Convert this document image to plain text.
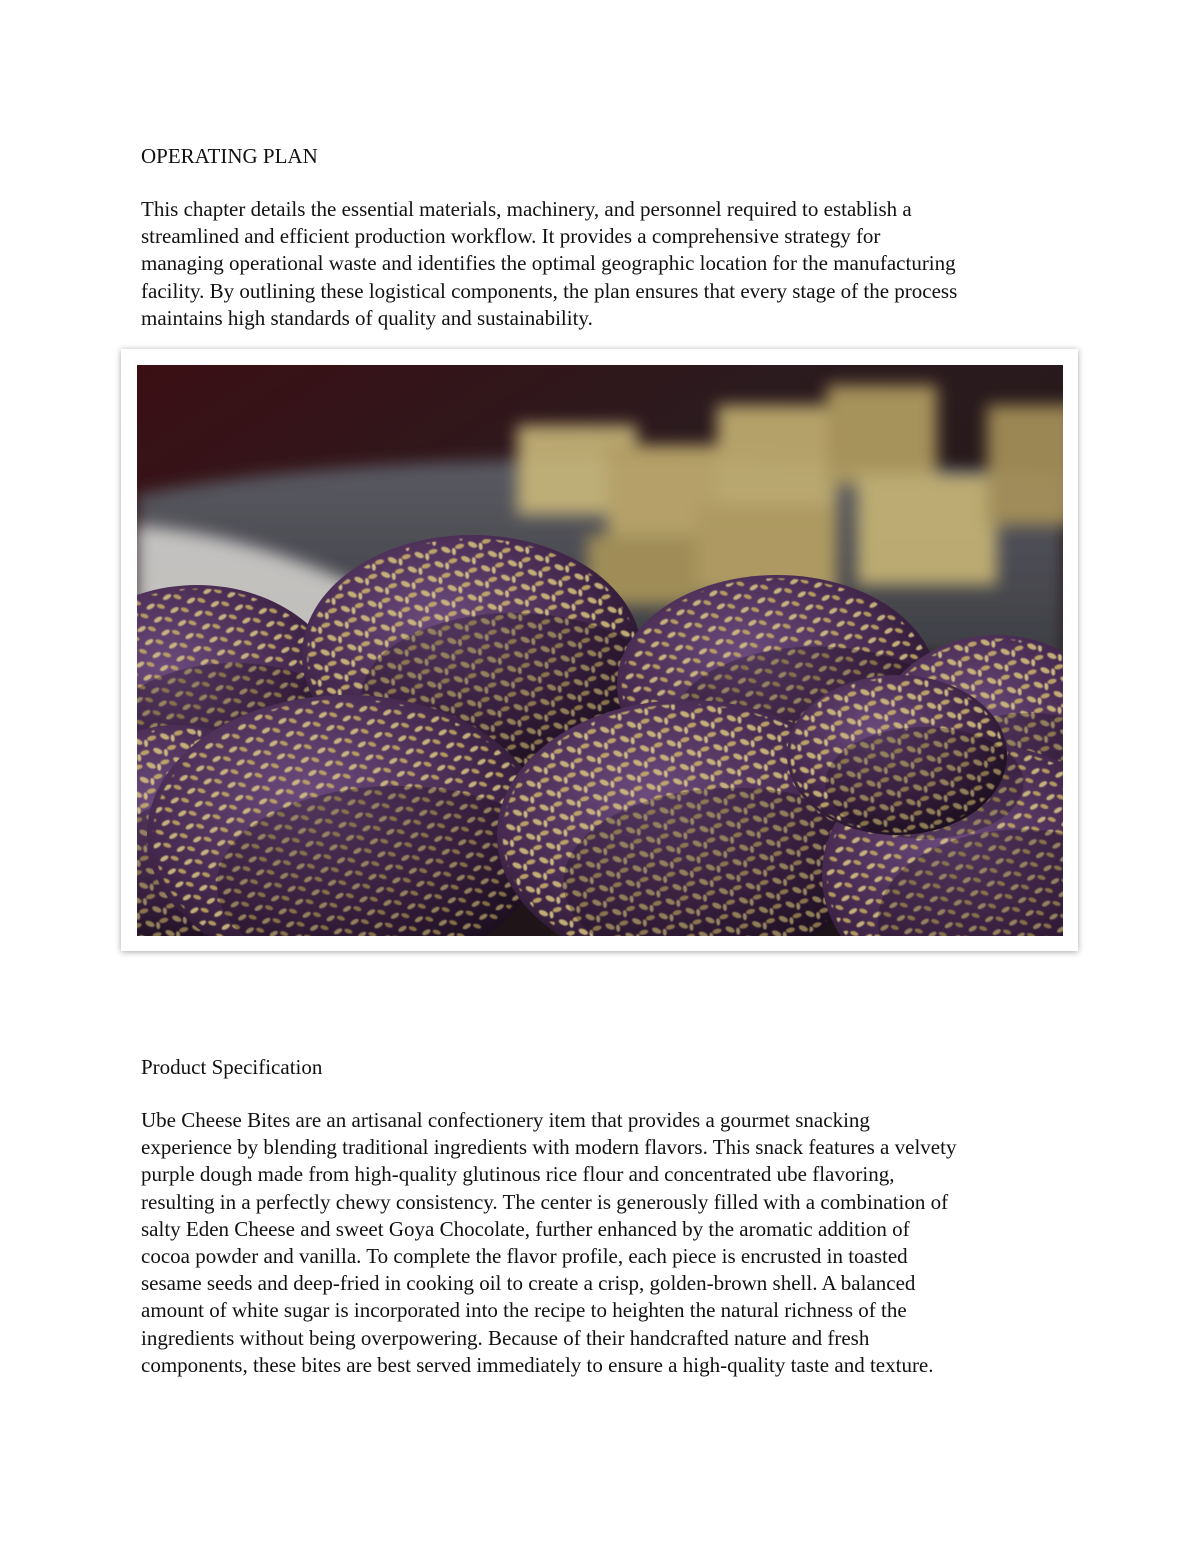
OPERATING PLAN

This chapter details the essential materials, machinery, and personnel required to establish a
streamlined and efficient production workflow. It provides a comprehensive strategy for
managing operational waste and identifies the optimal geographic location for the manufacturing
facility. By outlining these logistical components, the plan ensures that every stage of the process
maintains high standards of quality and sustainability.

Product Specification

Ube Cheese Bites are an artisanal confectionery item that provides a gourmet snacking
experience by blending traditional ingredients with modern flavors. This snack features a velvety
purple dough made from high-quality glutinous rice flour and concentrated ube flavoring,
resulting in a perfectly chewy consistency. The center is generously filled with a combination of
salty Eden Cheese and sweet Goya Chocolate, further enhanced by the aromatic addition of
cocoa powder and vanilla. To complete the flavor profile, each piece is encrusted in toasted
sesame seeds and deep-fried in cooking oil to create a crisp, golden-brown shell. A balanced
amount of white sugar is incorporated into the recipe to heighten the natural richness of the
ingredients without being overpowering. Because of their handcrafted nature and fresh
components, these bites are best served immediately to ensure a high-quality taste and texture.
